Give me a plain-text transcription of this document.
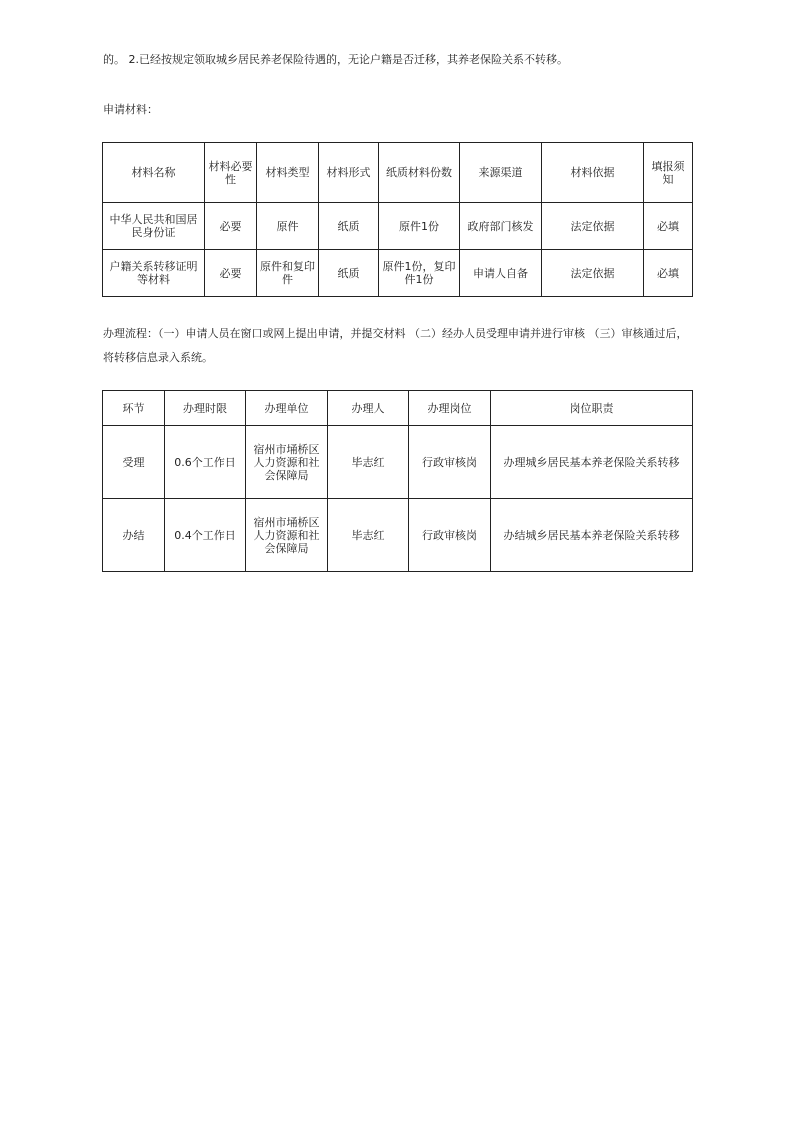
的。 2.已经按规定领取城乡居民养老保险待遇的，无论户籍是否迁移，其养老保险关系不转移。

申请材料：

材料名称	材料必要性	材料类型	材料形式	纸质材料份数	来源渠道	材料依据	填报须知
中华人民共和国居民身份证	必要	原件	纸质	原件1份	政府部门核发	法定依据	必填
户籍关系转移证明等材料	必要	原件和复印件	纸质	原件1份，复印件1份	申请人自备	法定依据	必填

办理流程：（一）申请人员在窗口或网上提出申请，并提交材料 （二）经办人员受理申请并进行审核 （三）审核通过后，将转移信息录入系统。

环节	办理时限	办理单位	办理人	办理岗位	岗位职责
受理	0.6个工作日	宿州市埇桥区人力资源和社会保障局	毕志红	行政审核岗	办理城乡居民基本养老保险关系转移
办结	0.4个工作日	宿州市埇桥区人力资源和社会保障局	毕志红	行政审核岗	办结城乡居民基本养老保险关系转移
